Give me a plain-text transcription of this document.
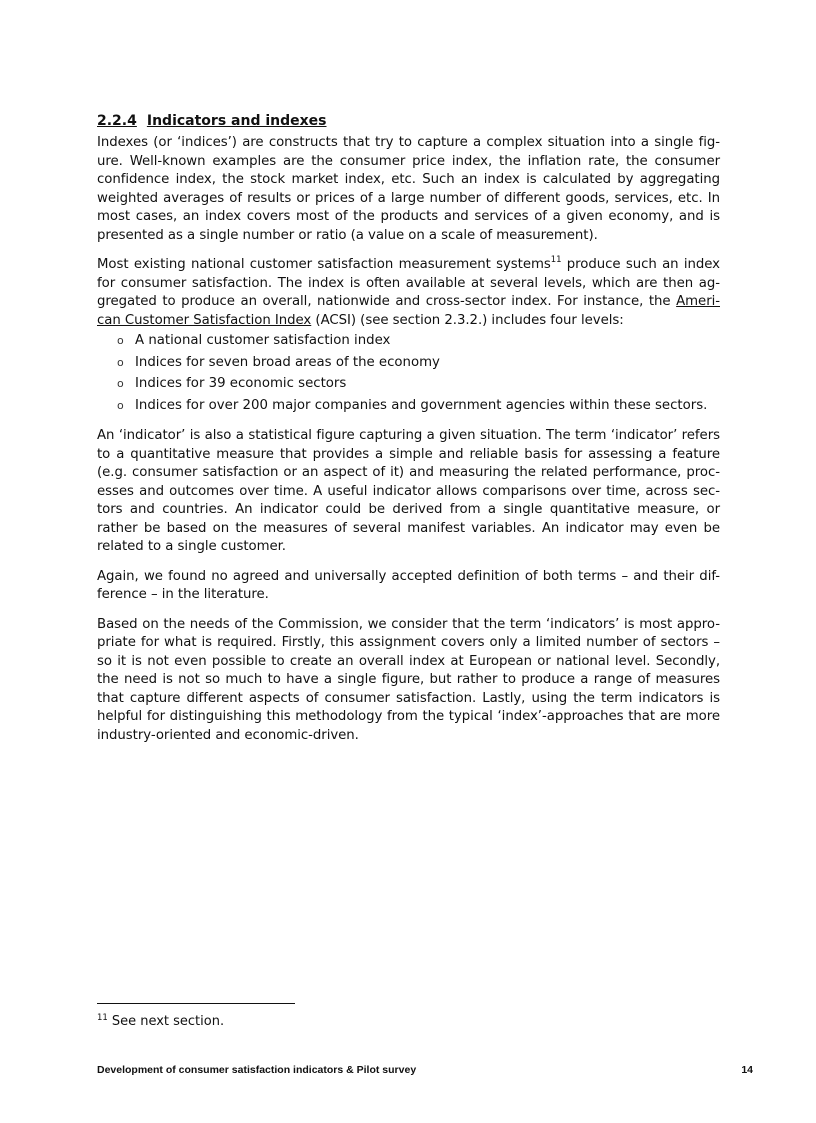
2.2.4 Indicators and indexes

Indexes (or ‘indices’) are constructs that try to capture a complex situation into a single fig-ure. Well-known examples are the consumer price index, the inflation rate, the consumer confidence index, the stock market index, etc. Such an index is calculated by aggregating weighted averages of results or prices of a large number of different goods, services, etc. In most cases, an index covers most of the products and services of a given economy, and is presented as a single number or ratio (a value on a scale of measurement).

Most existing national customer satisfaction measurement systems$^{11}$ produce such an index for consumer satisfaction. The index is often available at several levels, which are then ag-gregated to produce an overall, nationwide and cross-sector index. For instance, the Ameri-can Customer Satisfaction Index (ACSI) (see section 2.3.2.) includes four levels:

o A national customer satisfaction index
o Indices for seven broad areas of the economy
o Indices for 39 economic sectors
o Indices for over 200 major companies and government agencies within these sectors.

An ‘indicator’ is also a statistical figure capturing a given situation. The term ‘indicator’ refers to a quantitative measure that provides a simple and reliable basis for assessing a feature (e.g. consumer satisfaction or an aspect of it) and measuring the related performance, proc-esses and outcomes over time. A useful indicator allows comparisons over time, across sec-tors and countries. An indicator could be derived from a single quantitative measure, or rather be based on the measures of several manifest variables. An indicator may even be related to a single customer.

Again, we found no agreed and universally accepted definition of both terms – and their dif-ference – in the literature.

Based on the needs of the Commission, we consider that the term ‘indicators’ is most appro-priate for what is required. Firstly, this assignment covers only a limited number of sectors – so it is not even possible to create an overall index at European or national level. Secondly, the need is not so much to have a single figure, but rather to produce a range of measures that capture different aspects of consumer satisfaction. Lastly, using the term indicators is helpful for distinguishing this methodology from the typical ‘index’-approaches that are more industry-oriented and economic-driven.

$^{11}$ See next section.
Development of consumer satisfaction indicators & Pilot survey	14
